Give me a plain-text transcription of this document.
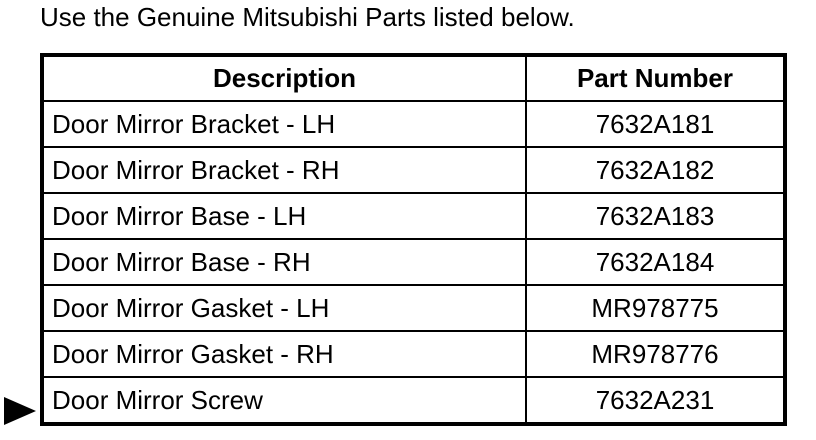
Use the Genuine Mitsubishi Parts listed below.
Description	Part Number
Door Mirror Bracket - LH	7632A181
Door Mirror Bracket - RH	7632A182
Door Mirror Base - LH	7632A183
Door Mirror Base - RH	7632A184
Door Mirror Gasket - LH	MR978775
Door Mirror Gasket - RH	MR978776
Door Mirror Screw	7632A231
